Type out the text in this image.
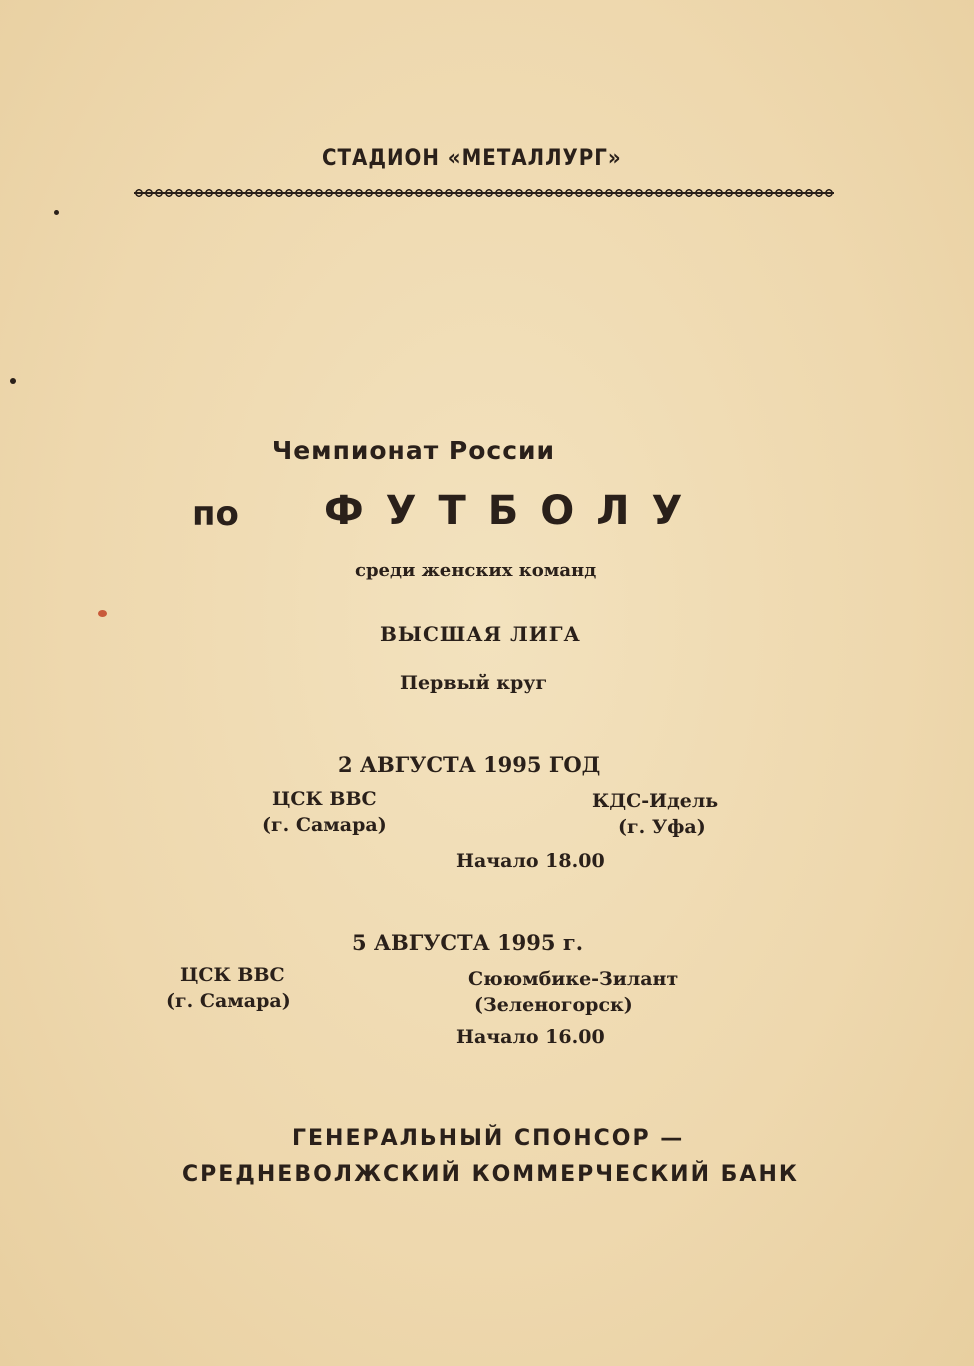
СТАДИОН «МЕТАЛЛУРГ»
Чемпионат России
по ФУТБОЛУ
среди женских команд
ВЫСШАЯ ЛИГА
Первый круг
2 АВГУСТА 1995 ГОД
ЦСК ВВС
(г. Самара)
КДС-Идель
(г. Уфа)
Начало 18.00
5 АВГУСТА 1995 г.
ЦСК ВВС
(г. Самара)
Сююмбике-Зилант
(Зеленогорск)
Начало 16.00
ГЕНЕРАЛЬНЫЙ СПОНСОР —
СРЕДНЕВОЛЖСКИЙ КОММЕРЧЕСКИЙ БАНК
